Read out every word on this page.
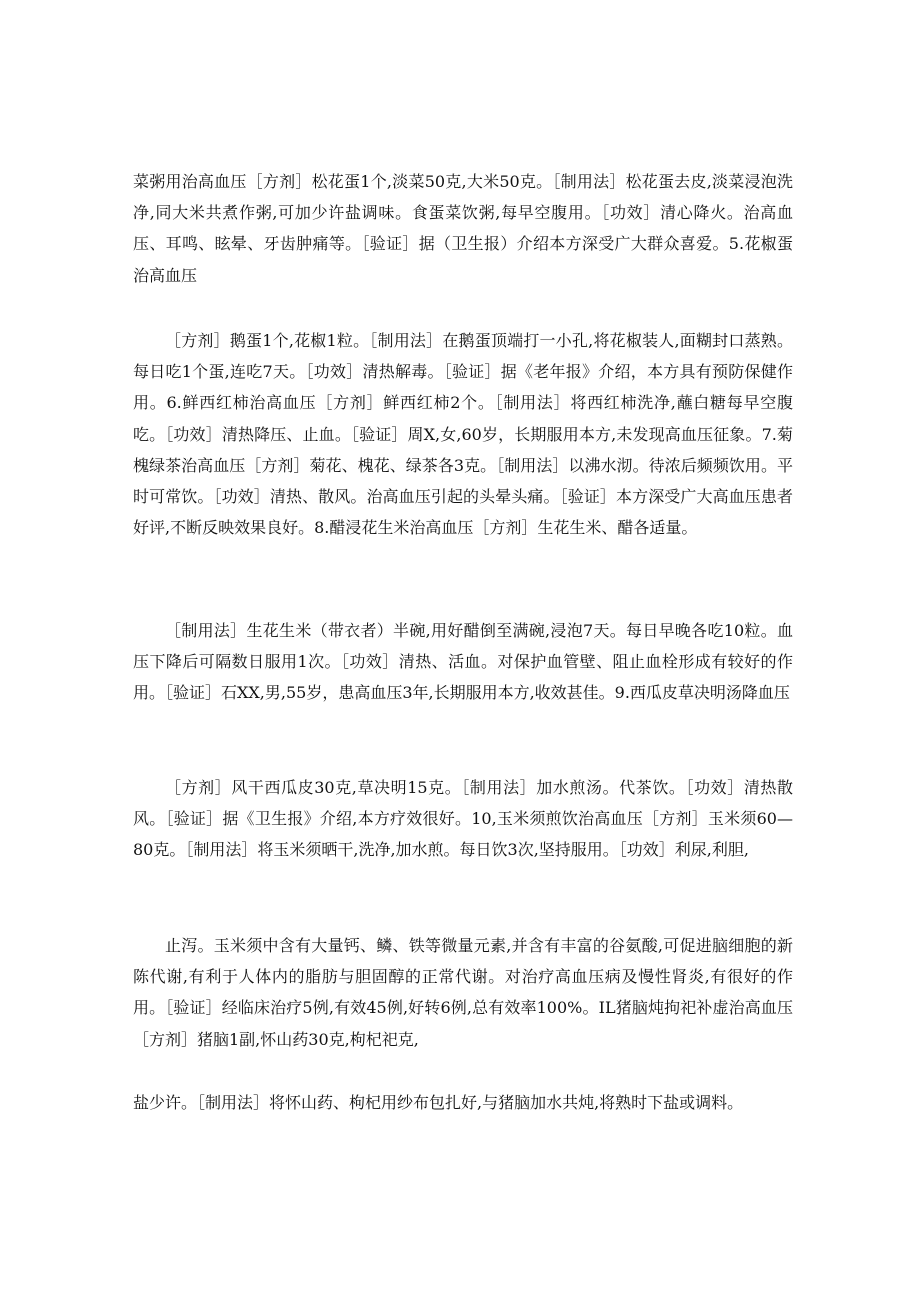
菜粥用治高血压［方剂］松花蛋1个,淡菜50克,大米50克。［制用法］松花蛋去皮,淡菜浸泡洗净,同大米共煮作粥,可加少许盐调味。食蛋菜饮粥,每早空腹用。［功效］清心降火。治高血压、耳鸣、眩晕、牙齿肿痛等。［验证］据（卫生报）介绍本方深受广大群众喜爱。5.花椒蛋治高血压

［方剂］鹅蛋1个,花椒1粒。［制用法］在鹅蛋顶端打一小孔,将花椒装人,面糊封口蒸熟。每日吃1个蛋,连吃7天。［功效］清热解毒。［验证］据《老年报》介绍，本方具有预防保健作用。6.鲜西红柿治高血压［方剂］鲜西红柿2个。［制用法］将西红柿洗净,蘸白糖每早空腹吃。［功效］清热降压、止血。［验证］周X,女,60岁，长期服用本方,未发现高血压征象。7.菊槐绿茶治高血压［方剂］菊花、槐花、绿茶各3克。［制用法］以沸水沏。待浓后频频饮用。平时可常饮。［功效］清热、散风。治高血压引起的头晕头痛。［验证］本方深受广大高血压患者好评,不断反映效果良好。8.醋浸花生米治高血压［方剂］生花生米、醋各适量。

［制用法］生花生米（带衣者）半碗,用好醋倒至满碗,浸泡7天。每日早晚各吃10粒。血压下降后可隔数日服用1次。［功效］清热、活血。对保护血管壁、阻止血栓形成有较好的作用。［验证］石XX,男,55岁，患高血压3年,长期服用本方,收效甚佳。9.西瓜皮草决明汤降血压

［方剂］风干西瓜皮30克,草决明15克。［制用法］加水煎汤。代茶饮。［功效］清热散风。［验证］据《卫生报》介绍,本方疗效很好。10,玉米须煎饮治高血压［方剂］玉米须60—80克。［制用法］将玉米须晒干,洗净,加水煎。每日饮3次,坚持服用。［功效］利尿,利胆,

止泻。玉米须中含有大量钙、鳞、铁等微量元素,并含有丰富的谷氨酸,可促进脑细胞的新陈代谢,有利于人体内的脂肪与胆固醇的正常代谢。对治疗高血压病及慢性肾炎,有很好的作用。［验证］经临床治疗5例,有效45例,好转6例,总有效率100%。IL猪脑炖拘祀补虚治高血压［方剂］猪脑1副,怀山药30克,枸杞祀克,

盐少许。［制用法］将怀山药、枸杞用纱布包扎好,与猪脑加水共炖,将熟时下盐或调料。
